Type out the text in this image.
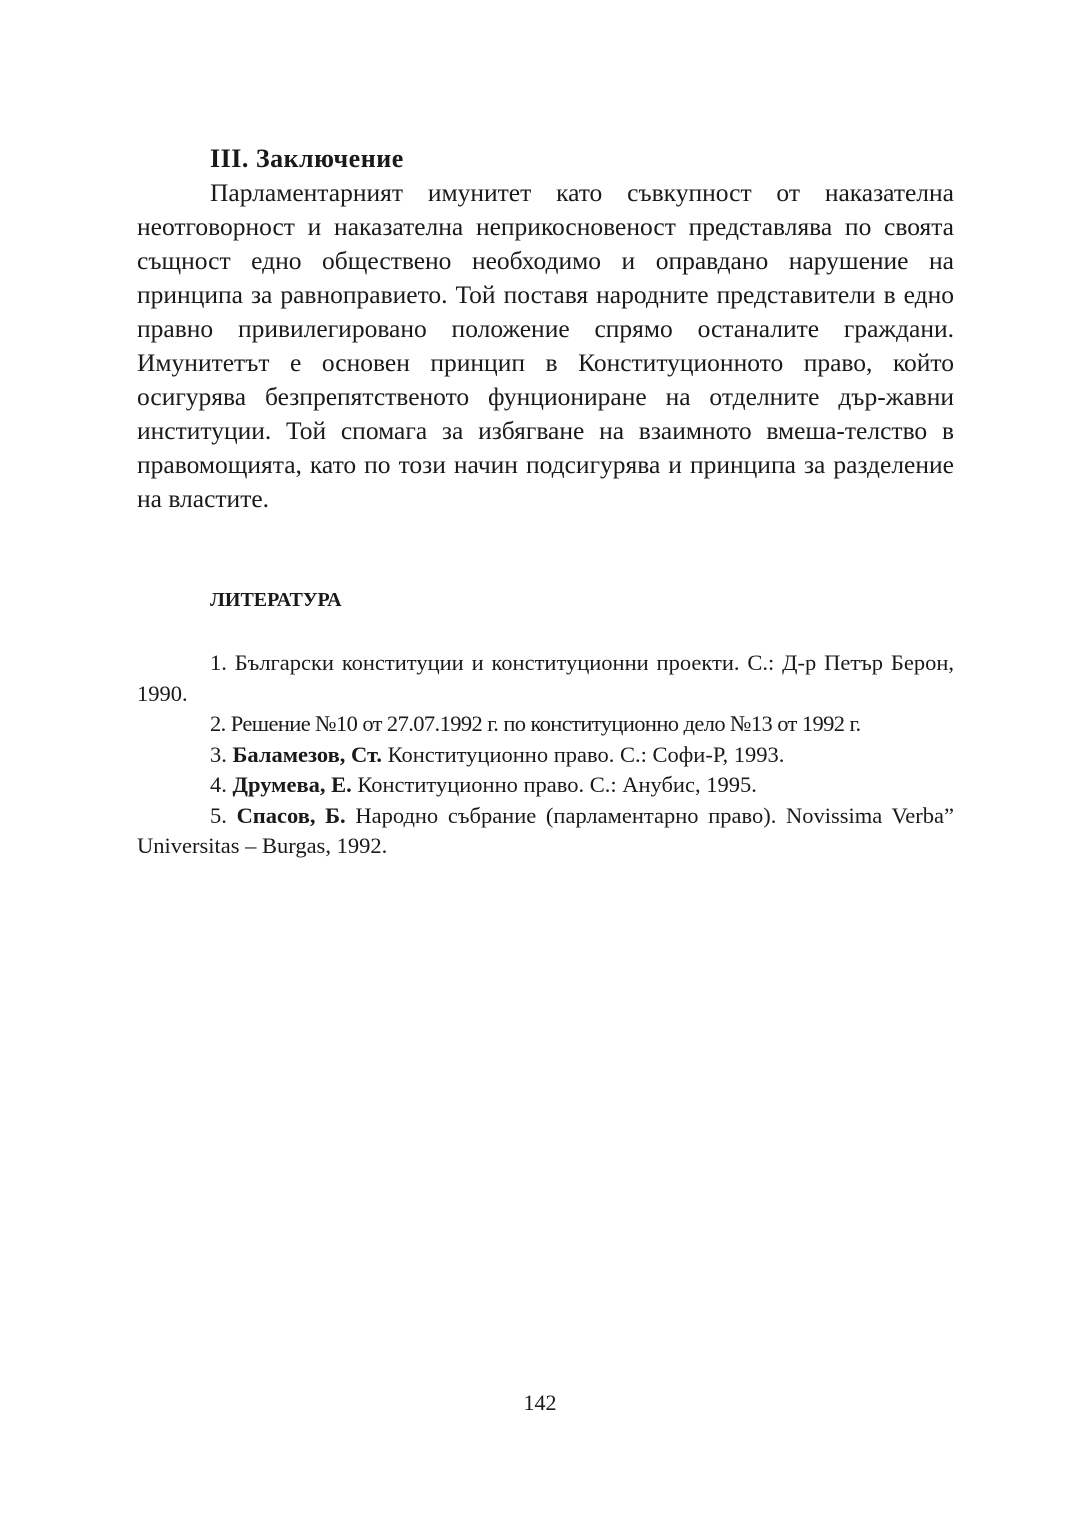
III. Заключение

Парламентарният имунитет като съвкупност от наказателна неотговорност и наказателна неприкосновеност представлява по своята същност едно обществено необходимо и оправдано нарушение на принципа за равноправието. Той поставя народните представители в едно правно привилегировано положение спрямо останалите граждани. Имунитетът е основен принцип в Конституционното право, който осигурява безпрепятственото фунциониране на отделните дър-жавни институции. Той спомага за избягване на взаимното вмеша-телство в правомощията, като по този начин подсигурява и принципа за разделение на властите.

ЛИТЕРАТУРА
1. Български конституции и конституционни проекти. С.: Д-р Петър Берон, 1990.
2. Решение №10 от 27.07.1992 г. по конституционно дело №13 от 1992 г.
3. Баламезов, Ст. Конституционно право. С.: Софи-Р, 1993.
4. Друмева, Е. Конституционно право. С.: Анубис, 1995.
5. Спасов, Б. Народно събрание (парламентарно право). Novissima Verba” Universitas – Burgas, 1992.
142
